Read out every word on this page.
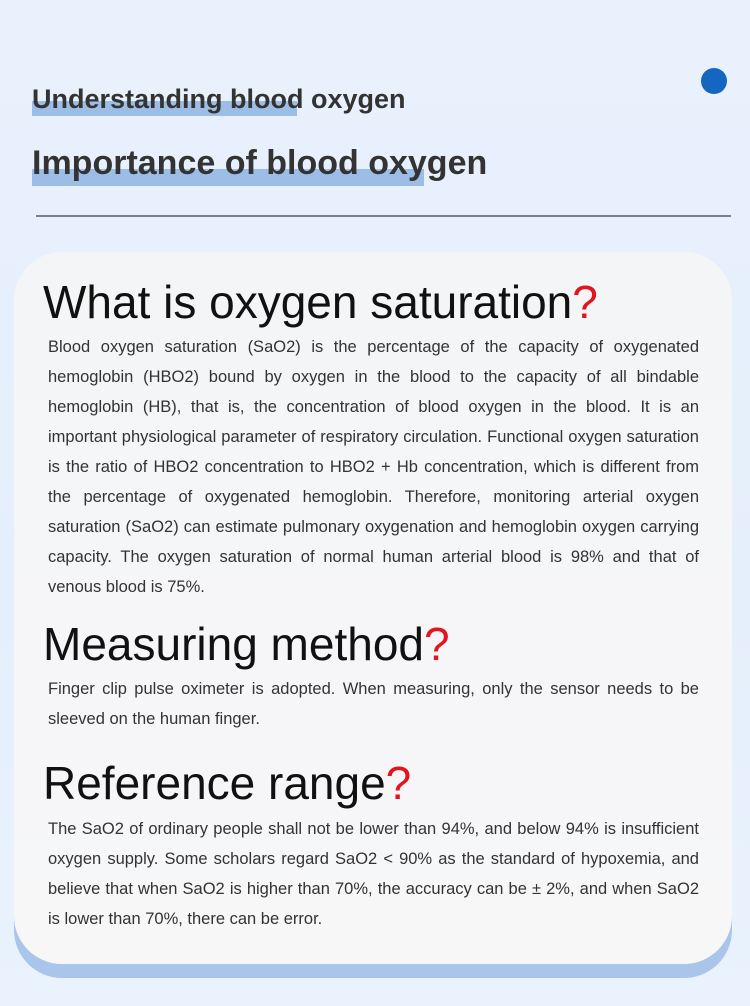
Understanding blood oxygen
Importance of blood oxygen
What is oxygen saturation?

Blood oxygen saturation (SaO2) is the percentage of the capacity of oxygenated hemoglobin (HBO2) bound by oxygen in the blood to the capacity of all bindable hemoglobin (HB), that is, the concentration of blood oxygen in the blood. It is an important physiological parameter of respiratory circulation. Functional oxygen saturation is the ratio of HBO2 concentration to HBO2 + Hb concentration, which is different from the percentage of oxygenated hemoglobin. Therefore, monitoring arterial oxygen saturation (SaO2) can estimate pulmonary oxygenation and hemoglobin oxygen carrying capacity. The oxygen saturation of normal human arterial blood is 98% and that of venous blood is 75%.

Measuring method?

Finger clip pulse oximeter is adopted. When measuring, only the sensor needs to be sleeved on the human finger.

Reference range?

The SaO2 of ordinary people shall not be lower than 94%, and below 94% is insufficient oxygen supply. Some scholars regard SaO2 < 90% as the standard of hypoxemia, and believe that when SaO2 is higher than 70%, the accuracy can be ± 2%, and when SaO2 is lower than 70%, there can be error.
